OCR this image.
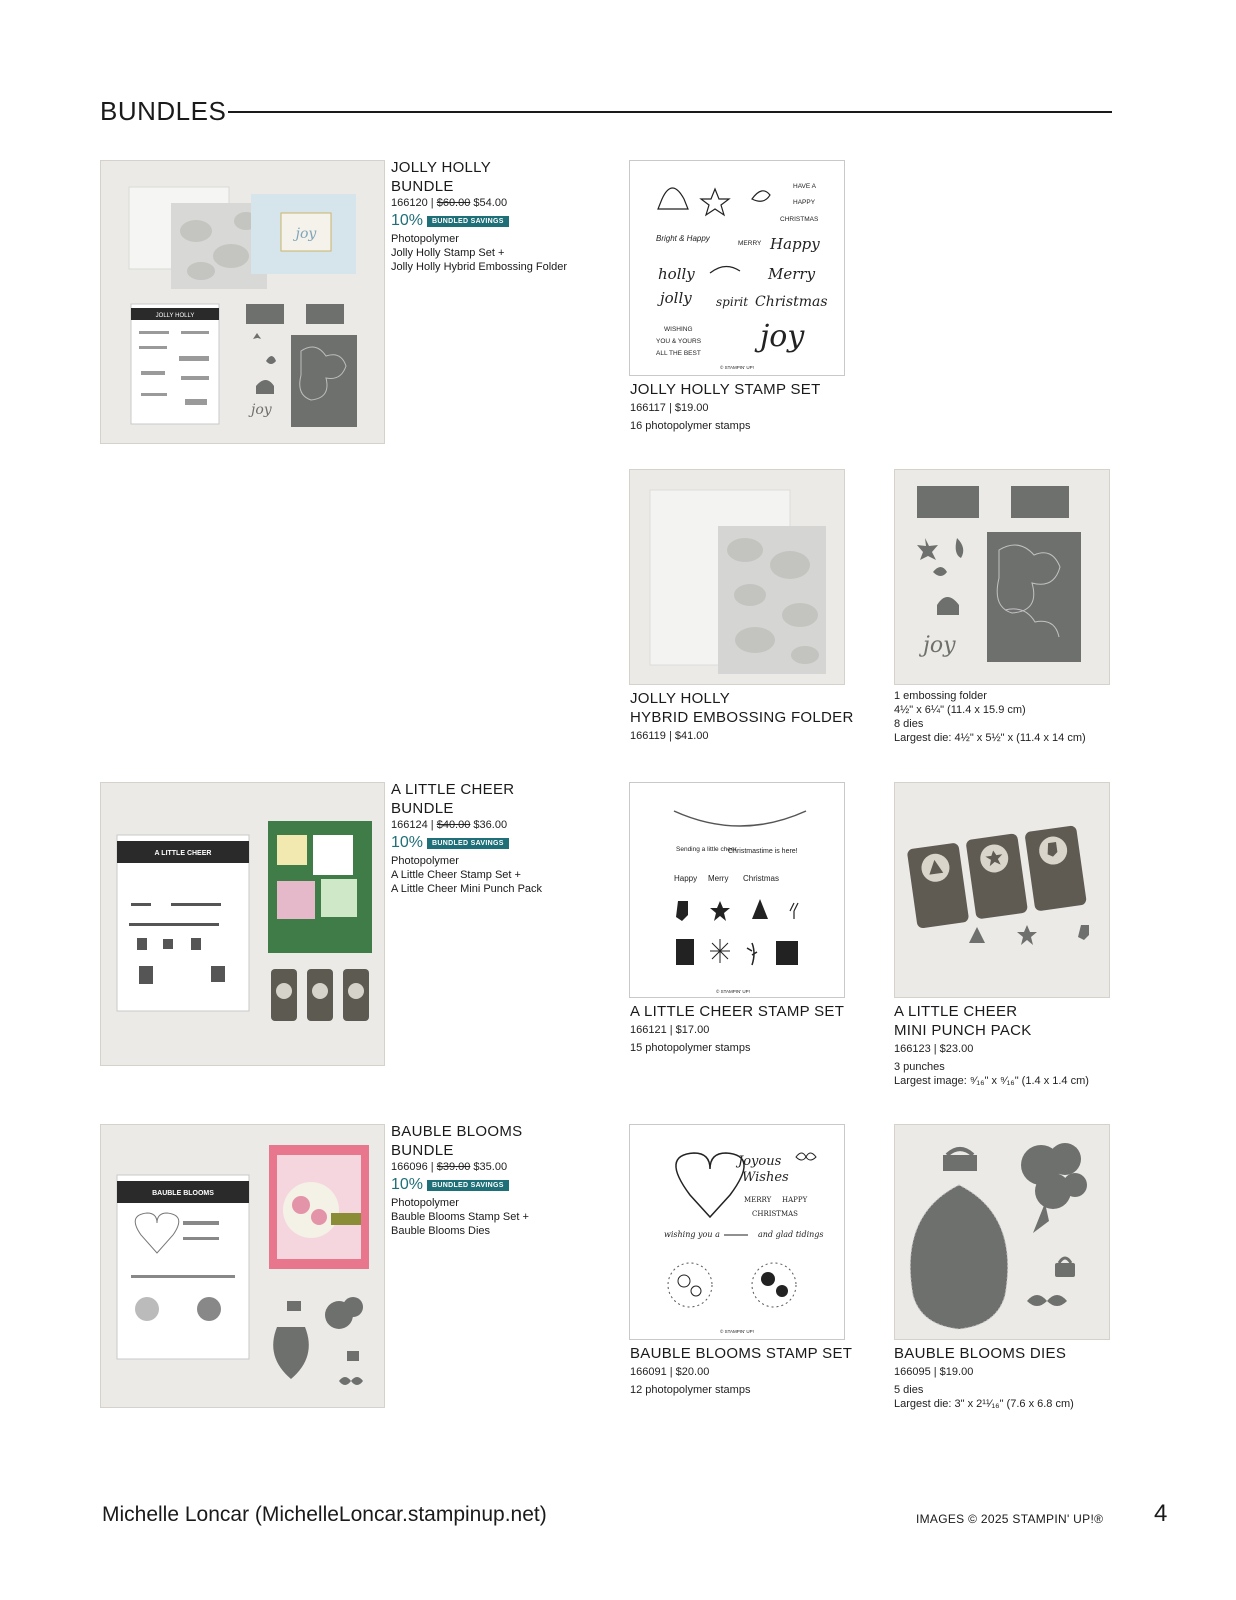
BUNDLES
joy
JOLLY HOLLY
joy
JOLLY HOLLY
BUNDLE
166120 | $60.00 $54.00
10%	BUNDLED SAVINGS
Photopolymer
Jolly Holly Stamp Set +
Jolly Holly Hybrid Embossing Folder
HAVE A
HAPPY
CHRISTMAS
Bright & Happy
MERRY Happy
holly
jolly
Merry
Christmas
spirit
WISHING
YOU & YOURS
ALL THE BEST joy
© STAMPIN' UP!
JOLLY HOLLY STAMP SET
166117 | $19.00
16 photopolymer stamps
JOLLY HOLLY
HYBRID EMBOSSING FOLDER
166119 | $41.00
joy
1 embossing folder
4½" x 6¼" (11.4 x 15.9 cm)
8 dies
Largest die: 4½" x 5½" x (11.4 x 14 cm)
A LITTLE CHEER
A LITTLE CHEER
BUNDLE
166124 | $40.00 $36.00
10%	BUNDLED SAVINGS
Photopolymer
A Little Cheer Stamp Set +
A Little Cheer Mini Punch Pack
Sending a little cheer
Christmastime is here!
Happy Merry Christmas
© STAMPIN' UP!
A LITTLE CHEER STAMP SET
166121 | $17.00
15 photopolymer stamps
A LITTLE CHEER
MINI PUNCH PACK
166123 | $23.00
3 punches
Largest image: ⁹⁄₁₆" x ⁹⁄₁₆" (1.4 x 1.4 cm)
BAUBLE BLOOMS
BAUBLE BLOOMS
BUNDLE
166096 | $39.00 $35.00
10%	BUNDLED SAVINGS
Photopolymer
Bauble Blooms Stamp Set +
Bauble Blooms Dies
Joyous
Wishes
MERRY HAPPY
CHRISTMAS
wishing you a	and glad tidings
© STAMPIN' UP!
BAUBLE BLOOMS STAMP SET
166091 | $20.00
12 photopolymer stamps
BAUBLE BLOOMS DIES
166095 | $19.00
5 dies
Largest die: 3" x 2¹¹⁄₁₆" (7.6 x 6.8 cm)
Michelle Loncar (MichelleLoncar.stampinup.net)	IMAGES © 2025 STAMPIN' UP!® 4
